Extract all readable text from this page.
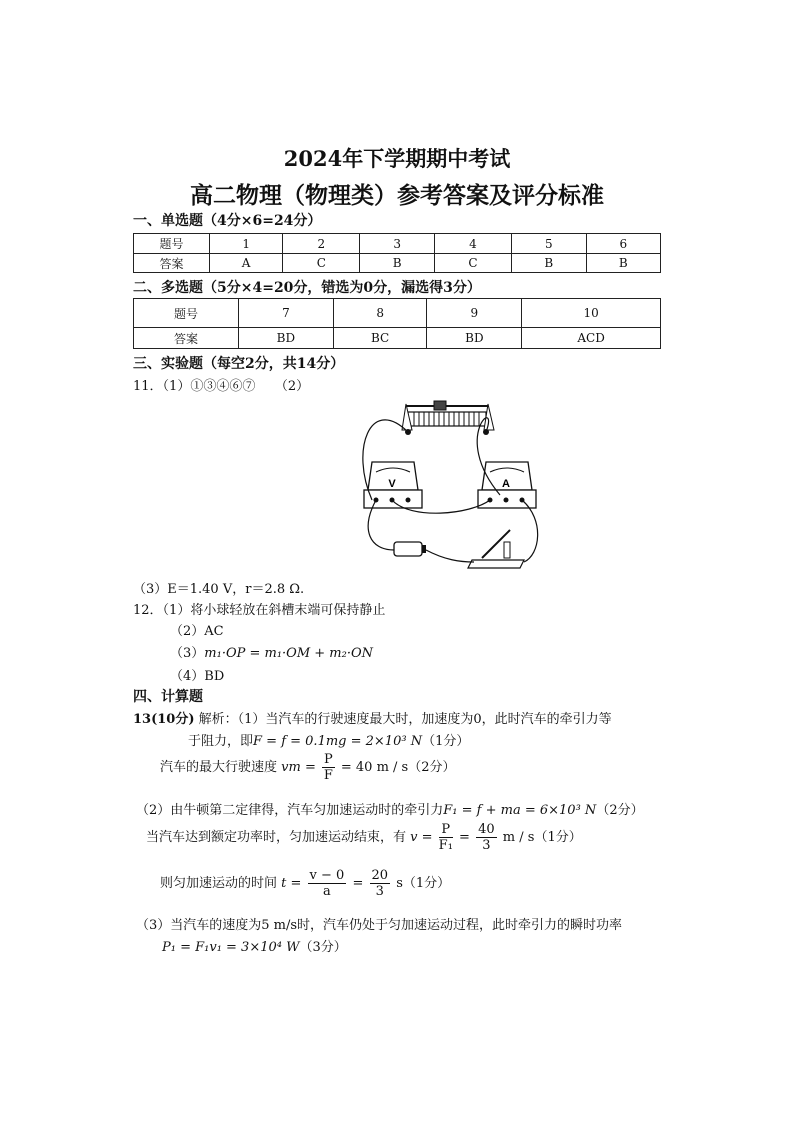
2024年下学期期中考试
高二物理（物理类）参考答案及评分标准
一、单选题（4分×6=24分）
题号	1	2	3	4	5	6
答案	A	C	B	C	B	B
二、多选题（5分×4=20分，错选为0分，漏选得3分）
题号	7	8	9	10
答案	BD	BC	BD	ACD
三、实验题（每空2分，共14分）
11．（1）①③④⑥⑦　　（2）
V	A
（3）E＝1.40 V，r＝2.8 Ω.
12．（1）将小球轻放在斜槽末端可保持静止
（2）AC
（3）m₁·OP = m₁·OM + m₂·ON
（4）BD
四、计算题
13(10分) 解析：（1）当汽车的行驶速度最大时，加速度为0，此时汽车的牵引力等
于阻力，即F = f = 0.1mg = 2×10³ N（1分）
汽车的最大行驶速度 vm = $\frac{P}{F} = 40$ m / s（2分）
（2）由牛顿第二定律得，汽车匀加速运动时的牵引力F₁ = f + ma = 6×10³ N（2分）
当汽车达到额定功率时，匀加速运动结束，有 $v = \frac{P}{\text{F₁}} = \frac{40}{3}$ m / s（1分）
则匀加速运动的时间 $t = \frac{v - 0}{a} = \frac{20}{3} s(1$分）
（3）当汽车的速度为5 m/s时，汽车仍处于匀加速运动过程，此时牵引力的瞬时功率
P₁ = F₁v₁ = 3×10⁴ W（3分）
